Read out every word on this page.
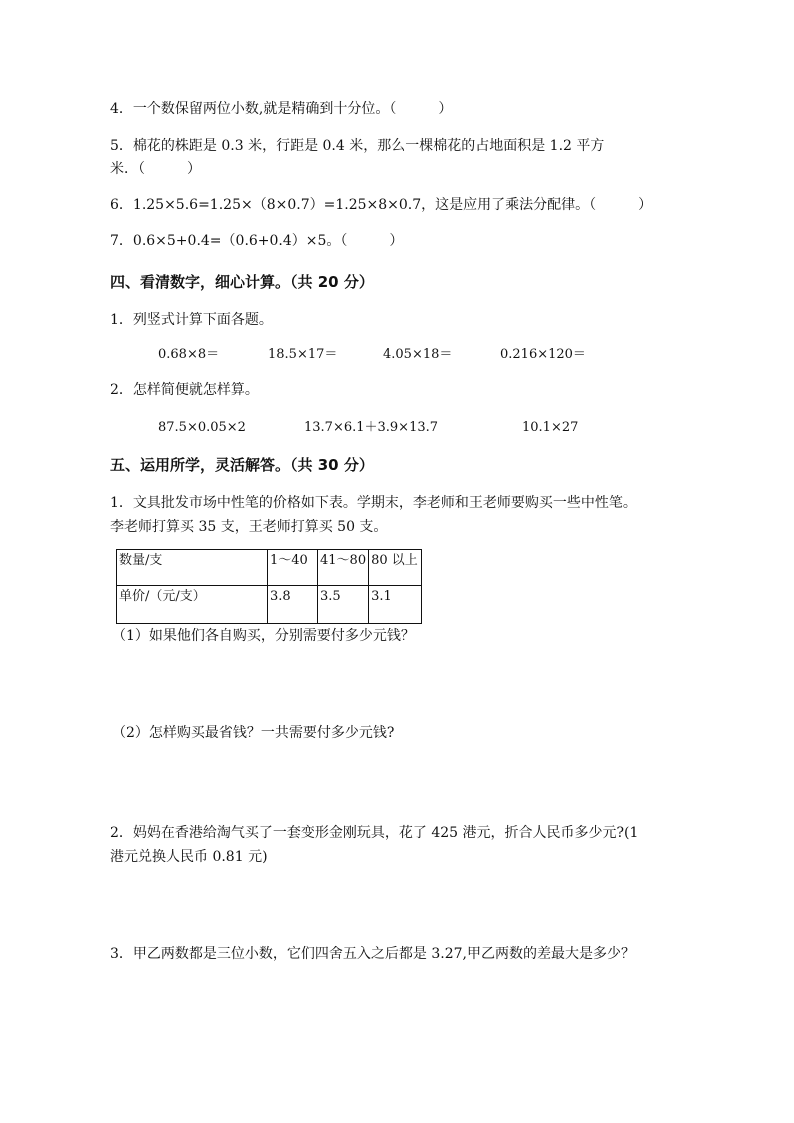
4．一个数保留两位小数,就是精确到十分位。（　　　）
5．棉花的株距是 0.3 米，行距是 0.4 米，那么一棵棉花的占地面积是 1.2 平方
米．（　　　）
6．1.25×5.6=1.25×（8×0.7）=1.25×8×0.7，这是应用了乘法分配律。（　　　）
7．0.6×5+0.4=（0.6+0.4）×5。（　　　）
四、看清数字，细心计算。（共 20 分）
1．列竖式计算下面各题。
0.68×8＝	18.5×17＝	4.05×18＝	0.216×120＝
2．怎样简便就怎样算。
87.5×0.05×2	13.7×6.1＋3.9×13.7	10.1×27
五、运用所学，灵活解答。（共 30 分）
1．文具批发市场中性笔的价格如下表。学期末，李老师和王老师要购买一些中性笔。
李老师打算买 35 支，王老师打算买 50 支。
数量/支	1～40	41～80	80 以上
单价/（元/支）	3.8	3.5	3.1
（1）如果他们各自购买，分别需要付多少元钱？
（2）怎样购买最省钱？一共需要付多少元钱?
2．妈妈在香港给淘气买了一套变形金刚玩具，花了 425 港元，折合人民币多少元?(1
港元兑换人民币 0.81 元)
3．甲乙两数都是三位小数，它们四舍五入之后都是 3.27,甲乙两数的差最大是多少？
